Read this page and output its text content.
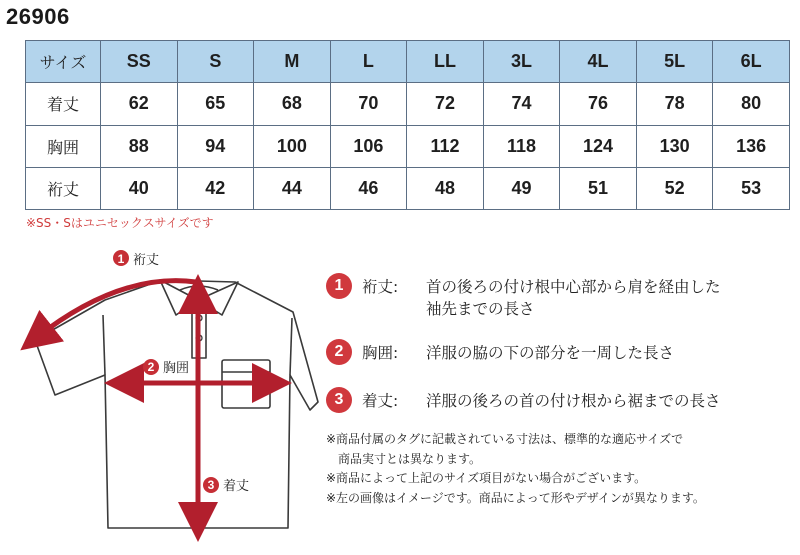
26906
サイズ	SS	S	M	L	LL	3L	4L	5L	6L
着丈	62	65	68	70	72	74	76	78	80
胸囲	88	94	100	106	112	118	124	130	136
裄丈	40	42	44	46	48	49	51	52	53
※SS・Sはユニセックスサイズです
1 裄丈
2 胸囲
3 着丈
1	裄丈: 首の後ろの付け根中心部から肩を経由した
袖先までの長さ
2	胸囲: 洋服の脇の下の部分を一周した長さ
3	着丈: 洋服の後ろの首の付け根から裾までの長さ
※商品付属のタグに記載されている寸法は、標準的な適応サイズで
　商品実寸とは異なります。
※商品によって上記のサイズ項目がない場合がございます。
※左の画像はイメージです。商品によって形やデザインが異なります。
